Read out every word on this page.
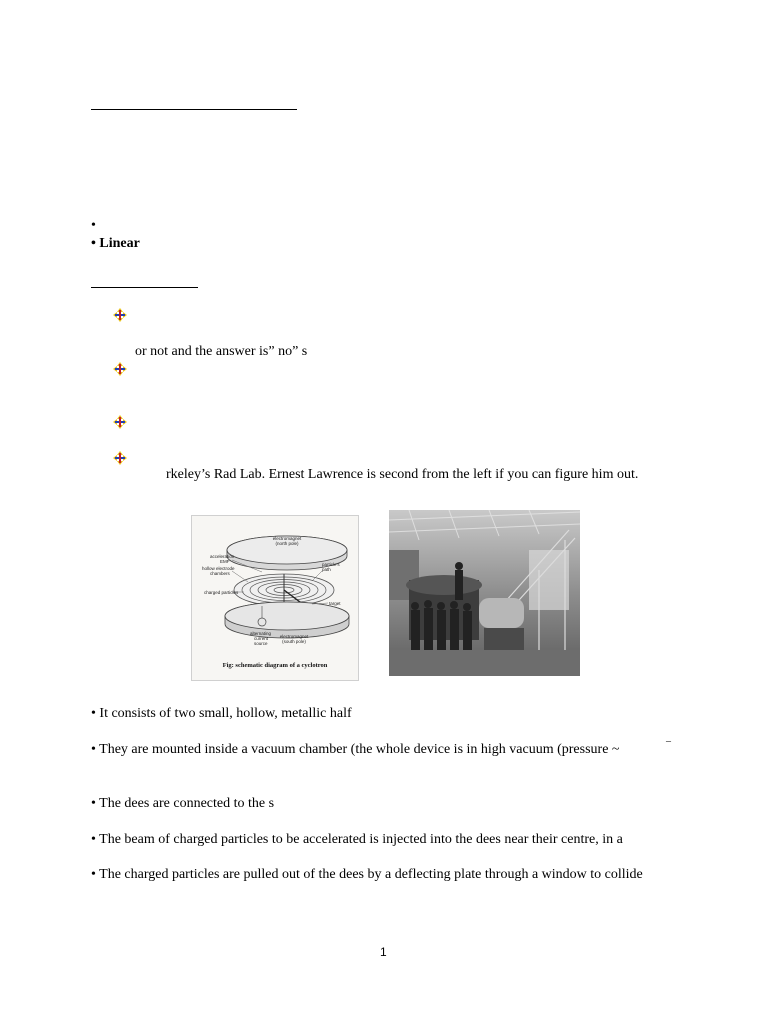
•
• Linear
or not and the answer is” no” s
rkeley’s Rad Lab. Ernest Lawrence is second from the left if you can figure him out.
electromagnet
(north pole)
acceleration
EMF
hollow electrode
chambers
charged particles
particle's
path
target
alternating
current
source
electromagnet
(south pole)
Fig: schematic diagram of a cyclotron
• It consists of two small, hollow, metallic half
• They are mounted inside a vacuum chamber (the whole device is in high vacuum (pressure ~
–
• The dees are connected to the s
• The beam of charged particles to be accelerated is injected into the dees near their centre, in a
• The charged particles are pulled out of the dees by a deflecting plate through a window to collide
1
